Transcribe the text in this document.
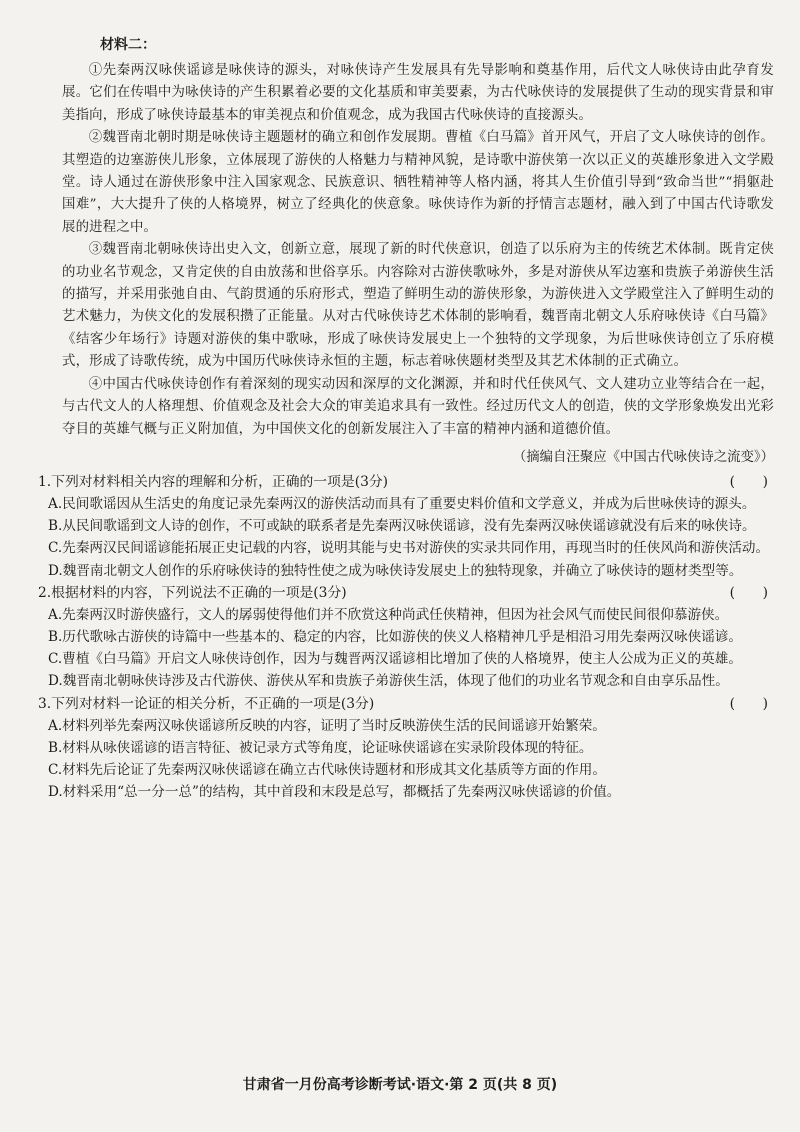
材料二：

①先秦两汉咏侠谣谚是咏侠诗的源头，对咏侠诗产生发展具有先导影响和奠基作用，后代文人咏侠诗由此孕育发展。它们在传唱中为咏侠诗的产生积累着必要的文化基质和审美要素，为古代咏侠诗的发展提供了生动的现实背景和审美指向，形成了咏侠诗最基本的审美视点和价值观念，成为我国古代咏侠诗的直接源头。

②魏晋南北朝时期是咏侠诗主题题材的确立和创作发展期。曹植《白马篇》首开风气，开启了文人咏侠诗的创作。其塑造的边塞游侠儿形象，立体展现了游侠的人格魅力与精神风貌，是诗歌中游侠第一次以正义的英雄形象进入文学殿堂。诗人通过在游侠形象中注入国家观念、民族意识、牺牲精神等人格内涵，将其人生价值引导到“致命当世”“捐躯赴国难”，大大提升了侠的人格境界，树立了经典化的侠意象。咏侠诗作为新的抒情言志题材，融入到了中国古代诗歌发展的进程之中。

③魏晋南北朝咏侠诗出史入文，创新立意，展现了新的时代侠意识，创造了以乐府为主的传统艺术体制。既肯定侠的功业名节观念，又肯定侠的自由放荡和世俗享乐。内容除对古游侠歌咏外，多是对游侠从军边塞和贵族子弟游侠生活的描写，并采用张弛自由、气韵贯通的乐府形式，塑造了鲜明生动的游侠形象，为游侠进入文学殿堂注入了鲜明生动的艺术魅力，为侠文化的发展积攒了正能量。从对古代咏侠诗艺术体制的影响看，魏晋南北朝文人乐府咏侠诗《白马篇》《结客少年场行》诗题对游侠的集中歌咏，形成了咏侠诗发展史上一个独特的文学现象，为后世咏侠诗创立了乐府模式，形成了诗歌传统，成为中国历代咏侠诗永恒的主题，标志着咏侠题材类型及其艺术体制的正式确立。

④中国古代咏侠诗创作有着深刻的现实动因和深厚的文化渊源，并和时代任侠风气、文人建功立业等结合在一起，与古代文人的人格理想、价值观念及社会大众的审美追求具有一致性。经过历代文人的创造，侠的文学形象焕发出光彩夺目的英雄气概与正义附加值，为中国侠文化的创新发展注入了丰富的精神内涵和道德价值。

（摘编自汪聚应《中国古代咏侠诗之流变》）
1.下列对材料相关内容的理解和分析，正确的一项是(3分)	(　　)
A.民间歌谣因从生活史的角度记录先秦两汉的游侠活动而具有了重要史料价值和文学意义，并成为后世咏侠诗的源头。
B.从民间歌谣到文人诗的创作，不可或缺的联系者是先秦两汉咏侠谣谚，没有先秦两汉咏侠谣谚就没有后来的咏侠诗。
C.先秦两汉民间谣谚能拓展正史记载的内容，说明其能与史书对游侠的实录共同作用，再现当时的任侠风尚和游侠活动。
D.魏晋南北朝文人创作的乐府咏侠诗的独特性使之成为咏侠诗发展史上的独特现象，并确立了咏侠诗的题材类型等。
2.根据材料的内容，下列说法不正确的一项是(3分)	(　　)
A.先秦两汉时游侠盛行，文人的孱弱使得他们并不欣赏这种尚武任侠精神，但因为社会风气而使民间很仰慕游侠。
B.历代歌咏古游侠的诗篇中一些基本的、稳定的内容，比如游侠的侠义人格精神几乎是相沿习用先秦两汉咏侠谣谚。
C.曹植《白马篇》开启文人咏侠诗创作，因为与魏晋两汉谣谚相比增加了侠的人格境界，使主人公成为正义的英雄。
D.魏晋南北朝咏侠诗涉及古代游侠、游侠从军和贵族子弟游侠生活，体现了他们的功业名节观念和自由享乐品性。
3.下列对材料一论证的相关分析，不正确的一项是(3分)	(　　)
A.材料列举先秦两汉咏侠谣谚所反映的内容，证明了当时反映游侠生活的民间谣谚开始繁荣。
B.材料从咏侠谣谚的语言特征、被记录方式等角度，论证咏侠谣谚在实录阶段体现的特征。
C.材料先后论证了先秦两汉咏侠谣谚在确立古代咏侠诗题材和形成其文化基质等方面的作用。
D.材料采用“总一分一总”的结构，其中首段和末段是总写，都概括了先秦两汉咏侠谣谚的价值。
甘肃省一月份高考诊断考试·语文·第 2 页(共 8 页)
